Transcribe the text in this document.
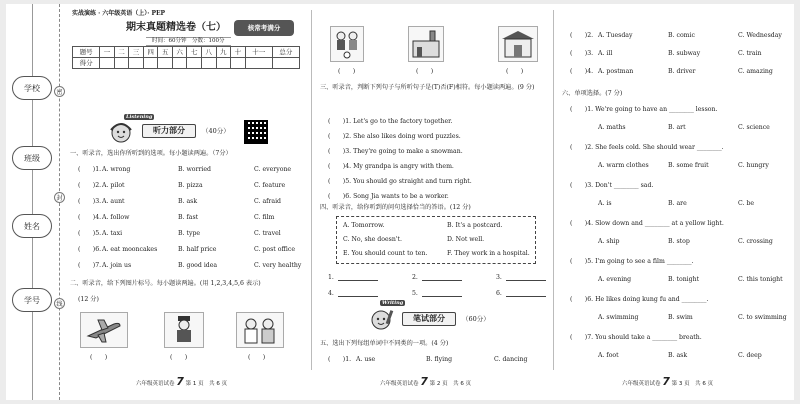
学校
班级
姓名
学号
密
封
线
实战演练 · 六年级英语（上）· PEP
期末真题精选卷（七）	核常考满分
时间：60分钟　分数：100分
题号	一	二	三	四	五	六	七	八	九	十	十一	总分
得分												
Listening
听力部分	（40分）
一、听录音，选出你所听到的选项。每小题读两遍。（7分）
(　　)1. A. wrong	B. worried	C. everyone
(　　)2. A. pilot	B. pizza	C. feature
(　　)3. A. aunt	B. ask	C. afraid
(　　)4. A. follow	B. fast	C. film
(　　)5. A. taxi	B. type	C. travel
(　　)6. A. eat mooncakes	B. half price	C. post office
(　　)7. A. join us	B. good idea	C. very healthy
二、听录音，给下列图片标号。每小题读两遍。(用 1,2,3,4,5,6 表示)
(12 分)
(　　)	(　　)	(　　)
六年级英语试卷 7 第 1 页　共 6 页
(　　)	(　　)	(　　)
三、听录音，判断下列句子与所听句子是(T)否(F)相符。每小题读两遍。(9 分)
(　　)1. Let's go to the factory together.
(　　)2. She also likes doing word puzzles.
(　　)3. They're going to make a snowman.
(　　)4. My grandpa is angry with them.
(　　)5. You should go straight and turn right.
(　　)6. Song Jia wants to be a worker.
四、听录音，给你听到的问句选择恰当的答语。(12 分)
A. Tomorrow.	B. It's a postcard.
C. No, she doesn't.	D. Not well.
E. You should count to ten.	F. They work in a hospital.
1.	2.	3.
4.	5.	6.
Writing
笔试部分	（60分）
五、选出下列每组单词中不同类的一项。(4 分)
(　　)1. A. use	B. flying	C. dancing
六年级英语试卷 7 第 2 页　共 6 页
(　　)2. A. Tuesday	B. comic	C. Wednesday
(　　)3. A. ill	B. subway	C. train
(　　)4. A. postman	B. driver	C. amazing
六、单项选择。(7 分)
(　　)1. We're going to have an ________ lesson.
A. maths	B. art	C. science
(　　)2. She feels cold. She should wear ________.
A. warm clothes	B. some fruit	C. hungry
(　　)3. Don't ________ sad.
A. is	B. are	C. be
(　　)4. Slow down and ________ at a yellow light.
A. ship	B. stop	C. crossing
(　　)5. I'm going to see a film ________.
A. evening	B. tonight	C. this tonight
(　　)6. He likes doing kung fu and ________.
A. swimming	B. swim	C. to swimming
(　　)7. You should take a ________ breath.
A. foot	B. ask	C. deep
六年级英语试卷 7 第 3 页　共 6 页
